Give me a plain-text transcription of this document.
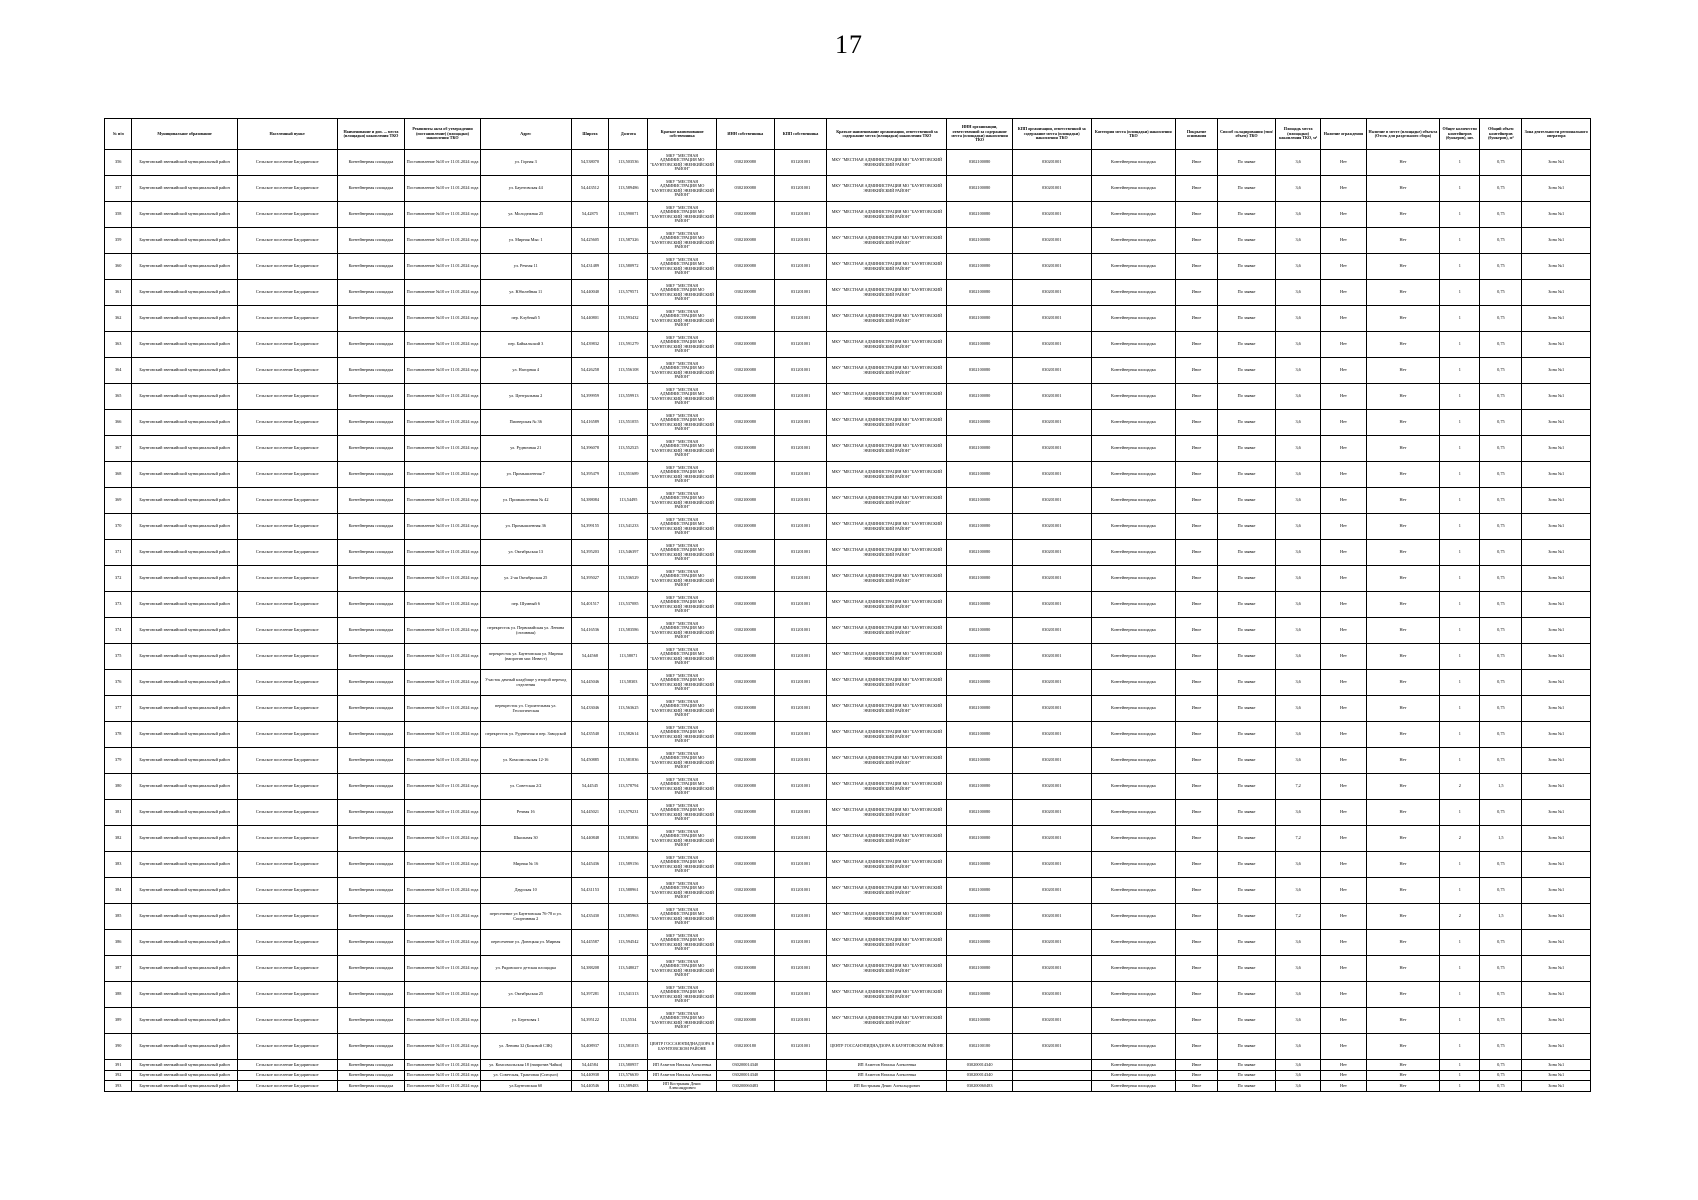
17
№ п/п	Муниципальное образование	Населенный пункт	Наименование и доп. ... места (площадки) накопления ТКО	Реквизиты акта об утверждении (постановление) (площадки) накопления ТКО	Адрес	Широта	Долгота	Краткое наименование собственника	ИНН собственника	КПП собственника	Краткое наименование организации, ответственной за содержание места (площадки) накопления ТКО	ИНН организации, ответственной за содержание места (площадки) накопления ТКО	КПП организации, ответственной за содержание места (площадки) накопления ТКО	Категория места (площадки) накопления ТКО	Покрытие основания	Способ складирования (тип/объем) ТКО	Площадь места (площадки) накопления ТКО, м²	Наличие ограждения	Наличие в месте (площадке) объекта (Отсек для раздельного сбора)	Общее количество контейнеров (бункеров), шт.	Общий объем контейнеров (бункеров), м³	Зона деятельности регионального оператора
356	Баунтовский эвенкийский муниципальный район	Сельское поселение Багдаринское	Контейнерная площадка	Постановление №10 от 11.01.2024 года	ул. Горная 3	54,538070	113,503536	МКУ "МЕСТНАЯ АДМИНИСТРАЦИЯ МО "БАУНТОВСКИЙ ЭВЕНКИЙСКИЙ РАЙОН"	0302100080	031201001	МКУ "МЕСТНАЯ АДМИНИСТРАЦИЯ МО "БАУНТОВСКИЙ ЭВЕНКИЙСКИЙ РАЙОН"	0302100080	030201001	Контейнерная площадка	Иное	По заявке	3,6	Нет	Нет	1	0,75	Зона №1
357	Баунтовский эвенкийский муниципальный район	Сельское поселение Багдаринское	Контейнерная площадка	Постановление №10 от 11.01.2024 года	ул. Баунтовская 44	54,443512	113,589486	МКУ "МЕСТНАЯ АДМИНИСТРАЦИЯ МО "БАУНТОВСКИЙ ЭВЕНКИЙСКИЙ РАЙОН"	0302100080	031201001	МКУ "МЕСТНАЯ АДМИНИСТРАЦИЯ МО "БАУНТОВСКИЙ ЭВЕНКИЙСКИЙ РАЙОН"	0302100080	030201001	Контейнерная площадка	Иное	По заявке	3,6	Нет	Нет	1	0,75	Зона №1
358	Баунтовский эвенкийский муниципальный район	Сельское поселение Багдаринское	Контейнерная площадка	Постановление №10 от 11.01.2024 года	ул. Молодежная 25	54,42875	113,590071	МКУ "МЕСТНАЯ АДМИНИСТРАЦИЯ МО "БАУНТОВСКИЙ ЭВЕНКИЙСКИЙ РАЙОН"	0302100080	031201001	МКУ "МЕСТНАЯ АДМИНИСТРАЦИЯ МО "БАУНТОВСКИЙ ЭВЕНКИЙСКИЙ РАЙОН"	0302100080	030201001	Контейнерная площадка	Иное	По заявке	3,6	Нет	Нет	1	0,75	Зона №1
359	Баунтовский эвенкийский муниципальный район	Сельское поселение Багдаринское	Контейнерная площадка	Постановление №10 от 11.01.2024 года	ул. Мирная Мыс 1	54,425605	113,587326	МКУ "МЕСТНАЯ АДМИНИСТРАЦИЯ МО "БАУНТОВСКИЙ ЭВЕНКИЙСКИЙ РАЙОН"	0302100080	031201001	МКУ "МЕСТНАЯ АДМИНИСТРАЦИЯ МО "БАУНТОВСКИЙ ЭВЕНКИЙСКИЙ РАЙОН"	0302100080	030201001	Контейнерная площадка	Иное	По заявке	3,6	Нет	Нет	1	0,75	Зона №1
360	Баунтовский эвенкийский муниципальный район	Сельское поселение Багдаринское	Контейнерная площадка	Постановление №10 от 11.01.2024 года	ул. Речная 11	54,431489	113,580972	МКУ "МЕСТНАЯ АДМИНИСТРАЦИЯ МО "БАУНТОВСКИЙ ЭВЕНКИЙСКИЙ РАЙОН"	0302100080	031201001	МКУ "МЕСТНАЯ АДМИНИСТРАЦИЯ МО "БАУНТОВСКИЙ ЭВЕНКИЙСКИЙ РАЙОН"	0302100080	030201001	Контейнерная площадка	Иное	По заявке	3,6	Нет	Нет	1	0,75	Зона №1
361	Баунтовский эвенкийский муниципальный район	Сельское поселение Багдаринское	Контейнерная площадка	Постановление №10 от 11.01.2024 года	ул. Юбилейная 11	54,440040	113,579571	МКУ "МЕСТНАЯ АДМИНИСТРАЦИЯ МО "БАУНТОВСКИЙ ЭВЕНКИЙСКИЙ РАЙОН"	0302100080	031201001	МКУ "МЕСТНАЯ АДМИНИСТРАЦИЯ МО "БАУНТОВСКИЙ ЭВЕНКИЙСКИЙ РАЙОН"	0302100080	030201001	Контейнерная площадка	Иное	По заявке	3,6	Нет	Нет	1	0,75	Зона №1
362	Баунтовский эвенкийский муниципальный район	Сельское поселение Багдаринское	Контейнерная площадка	Постановление №10 от 11.01.2024 года	пер. Клубный 5	54,440801	113,593432	МКУ "МЕСТНАЯ АДМИНИСТРАЦИЯ МО "БАУНТОВСКИЙ ЭВЕНКИЙСКИЙ РАЙОН"	0302100080	031201001	МКУ "МЕСТНАЯ АДМИНИСТРАЦИЯ МО "БАУНТОВСКИЙ ЭВЕНКИЙСКИЙ РАЙОН"	0302100080	030201001	Контейнерная площадка	Иное	По заявке	3,6	Нет	Нет	1	0,75	Зона №1
363	Баунтовский эвенкийский муниципальный район	Сельское поселение Багдаринское	Контейнерная площадка	Постановление №10 от 11.01.2024 года	пер. Байкальский 3	54,439832	113,591279	МКУ "МЕСТНАЯ АДМИНИСТРАЦИЯ МО "БАУНТОВСКИЙ ЭВЕНКИЙСКИЙ РАЙОН"	0302100080	031201001	МКУ "МЕСТНАЯ АДМИНИСТРАЦИЯ МО "БАУНТОВСКИЙ ЭВЕНКИЙСКИЙ РАЙОН"	0302100080	030201001	Контейнерная площадка	Иное	По заявке	3,6	Нет	Нет	1	0,75	Зона №1
364	Баунтовский эвенкийский муниципальный район	Сельское поселение Багдаринское	Контейнерная площадка	Постановление №10 от 11.01.2024 года	ул. Нагорная 4	54,426258	113,556108	МКУ "МЕСТНАЯ АДМИНИСТРАЦИЯ МО "БАУНТОВСКИЙ ЭВЕНКИЙСКИЙ РАЙОН"	0302100080	031201001	МКУ "МЕСТНАЯ АДМИНИСТРАЦИЯ МО "БАУНТОВСКИЙ ЭВЕНКИЙСКИЙ РАЙОН"	0302100080	030201001	Контейнерная площадка	Иное	По заявке	3,6	Нет	Нет	1	0,75	Зона №1
365	Баунтовский эвенкийский муниципальный район	Сельское поселение Багдаринское	Контейнерная площадка	Постановление №10 от 11.01.2024 года	ул. Центральная 2	54,399959	113,559913	МКУ "МЕСТНАЯ АДМИНИСТРАЦИЯ МО "БАУНТОВСКИЙ ЭВЕНКИЙСКИЙ РАЙОН"	0302100080	031201001	МКУ "МЕСТНАЯ АДМИНИСТРАЦИЯ МО "БАУНТОВСКИЙ ЭВЕНКИЙСКИЙ РАЙОН"	0302100080	030201001	Контейнерная площадка	Иное	По заявке	3,6	Нет	Нет	1	0,75	Зона №1
366	Баунтовский эвенкийский муниципальный район	Сельское поселение Багдаринское	Контейнерная площадка	Постановление №10 от 11.01.2024 года	Пионерская № 36	54,416589	113,551055	МКУ "МЕСТНАЯ АДМИНИСТРАЦИЯ МО "БАУНТОВСКИЙ ЭВЕНКИЙСКИЙ РАЙОН"	0302100080	031201001	МКУ "МЕСТНАЯ АДМИНИСТРАЦИЯ МО "БАУНТОВСКИЙ ЭВЕНКИЙСКИЙ РАЙОН"	0302100080	030201001	Контейнерная площадка	Иное	По заявке	3,6	Нет	Нет	1	0,75	Зона №1
367	Баунтовский эвенкийский муниципальный район	Сельское поселение Багдаринское	Контейнерная площадка	Постановление №10 от 11.01.2024 года	ул. Рудничная 21	54,396078	113,552525	МКУ "МЕСТНАЯ АДМИНИСТРАЦИЯ МО "БАУНТОВСКИЙ ЭВЕНКИЙСКИЙ РАЙОН"	0302100080	031201001	МКУ "МЕСТНАЯ АДМИНИСТРАЦИЯ МО "БАУНТОВСКИЙ ЭВЕНКИЙСКИЙ РАЙОН"	0302100080	030201001	Контейнерная площадка	Иное	По заявке	3,6	Нет	Нет	1	0,75	Зона №1
368	Баунтовский эвенкийский муниципальный район	Сельское поселение Багдаринское	Контейнерная площадка	Постановление №10 от 11.01.2024 года	ул. Промышленная 7	54,395479	113,551689	МКУ "МЕСТНАЯ АДМИНИСТРАЦИЯ МО "БАУНТОВСКИЙ ЭВЕНКИЙСКИЙ РАЙОН"	0302100080	031201001	МКУ "МЕСТНАЯ АДМИНИСТРАЦИЯ МО "БАУНТОВСКИЙ ЭВЕНКИЙСКИЙ РАЙОН"	0302100080	030201001	Контейнерная площадка	Иное	По заявке	3,6	Нет	Нет	1	0,75	Зона №1
369	Баунтовский эвенкийский муниципальный район	Сельское поселение Багдаринское	Контейнерная площадка	Постановление №10 от 11.01.2024 года	ул. Промышленная № 42	54,388084	113,54495	МКУ "МЕСТНАЯ АДМИНИСТРАЦИЯ МО "БАУНТОВСКИЙ ЭВЕНКИЙСКИЙ РАЙОН"	0302100080	031201001	МКУ "МЕСТНАЯ АДМИНИСТРАЦИЯ МО "БАУНТОВСКИЙ ЭВЕНКИЙСКИЙ РАЙОН"	0302100080	030201001	Контейнерная площадка	Иное	По заявке	3,6	Нет	Нет	1	0,75	Зона №1
370	Баунтовский эвенкийский муниципальный район	Сельское поселение Багдаринское	Контейнерная площадка	Постановление №10 от 11.01.2024 года	ул. Промышленная 36	54,399155	113,541233	МКУ "МЕСТНАЯ АДМИНИСТРАЦИЯ МО "БАУНТОВСКИЙ ЭВЕНКИЙСКИЙ РАЙОН"	0302100080	031201001	МКУ "МЕСТНАЯ АДМИНИСТРАЦИЯ МО "БАУНТОВСКИЙ ЭВЕНКИЙСКИЙ РАЙОН"	0302100080	030201001	Контейнерная площадка	Иное	По заявке	3,6	Нет	Нет	1	0,75	Зона №1
371	Баунтовский эвенкийский муниципальный район	Сельское поселение Багдаринское	Контейнерная площадка	Постановление №10 от 11.01.2024 года	ул. Октябрьская 13	54,395203	113,546397	МКУ "МЕСТНАЯ АДМИНИСТРАЦИЯ МО "БАУНТОВСКИЙ ЭВЕНКИЙСКИЙ РАЙОН"	0302100080	031201001	МКУ "МЕСТНАЯ АДМИНИСТРАЦИЯ МО "БАУНТОВСКИЙ ЭВЕНКИЙСКИЙ РАЙОН"	0302100080	030201001	Контейнерная площадка	Иное	По заявке	3,6	Нет	Нет	1	0,75	Зона №1
372	Баунтовский эвенкийский муниципальный район	Сельское поселение Багдаринское	Контейнерная площадка	Постановление №10 от 11.01.2024 года	ул. 2-ая Октябрьская 25	54,395027	113,536529	МКУ "МЕСТНАЯ АДМИНИСТРАЦИЯ МО "БАУНТОВСКИЙ ЭВЕНКИЙСКИЙ РАЙОН"	0302100080	031201001	МКУ "МЕСТНАЯ АДМИНИСТРАЦИЯ МО "БАУНТОВСКИЙ ЭВЕНКИЙСКИЙ РАЙОН"	0302100080	030201001	Контейнерная площадка	Иное	По заявке	3,6	Нет	Нет	1	0,75	Зона №1
373	Баунтовский эвенкийский муниципальный район	Сельское поселение Багдаринское	Контейнерная площадка	Постановление №10 от 11.01.2024 года	пер. Шумный 6	54,401517	113,537085	МКУ "МЕСТНАЯ АДМИНИСТРАЦИЯ МО "БАУНТОВСКИЙ ЭВЕНКИЙСКИЙ РАЙОН"	0302100080	031201001	МКУ "МЕСТНАЯ АДМИНИСТРАЦИЯ МО "БАУНТОВСКИЙ ЭВЕНКИЙСКИЙ РАЙОН"	0302100080	030201001	Контейнерная площадка	Иное	По заявке	3,6	Нет	Нет	1	0,75	Зона №1
374	Баунтовский эвенкийский муниципальный район	Сельское поселение Багдаринское	Контейнерная площадка	Постановление №10 от 11.01.2024 года	перекресток ул. Первомайская ул. Ленина (отливная)	54,416536	113,583586	МКУ "МЕСТНАЯ АДМИНИСТРАЦИЯ МО "БАУНТОВСКИЙ ЭВЕНКИЙСКИЙ РАЙОН"	0302100080	031201001	МКУ "МЕСТНАЯ АДМИНИСТРАЦИЯ МО "БАУНТОВСКИЙ ЭВЕНКИЙСКИЙ РАЙОН"	0302100080	030201001	Контейнерная площадка	Иное	По заявке	3,6	Нет	Нет	1	0,75	Зона №1
375	Баунтовский эвенкийский муниципальный район	Сельское поселение Багдаринское	Контейнерная площадка	Постановление №10 от 11.01.2024 года	перекресток ул. Баунтовская ул. Мирная (напротив маг. Инвест)	54,44568	113,58071	МКУ "МЕСТНАЯ АДМИНИСТРАЦИЯ МО "БАУНТОВСКИЙ ЭВЕНКИЙСКИЙ РАЙОН"	0302100080	031201001	МКУ "МЕСТНАЯ АДМИНИСТРАЦИЯ МО "БАУНТОВСКИЙ ЭВЕНКИЙСКИЙ РАЙОН"	0302100080	030201001	Контейнерная площадка	Иное	По заявке	3,6	Нет	Нет	1	0,75	Зона №1
376	Баунтовский эвенкийский муниципальный район	Сельское поселение Багдаринское	Контейнерная площадка	Постановление №10 от 11.01.2024 года	Участок дачный кладбище у второй переход отделения	54,445046	113,58303	МКУ "МЕСТНАЯ АДМИНИСТРАЦИЯ МО "БАУНТОВСКИЙ ЭВЕНКИЙСКИЙ РАЙОН"	0302100080	031201001	МКУ "МЕСТНАЯ АДМИНИСТРАЦИЯ МО "БАУНТОВСКИЙ ЭВЕНКИЙСКИЙ РАЙОН"	0302100080	030201001	Контейнерная площадка	Иное	По заявке	3,6	Нет	Нет	1	0,75	Зона №1
377	Баунтовский эвенкийский муниципальный район	Сельское поселение Багдаринское	Контейнерная площадка	Постановление №10 от 11.01.2024 года	перекресток ул. Строительная ул. Геологическая	54,433046	113,563625	МКУ "МЕСТНАЯ АДМИНИСТРАЦИЯ МО "БАУНТОВСКИЙ ЭВЕНКИЙСКИЙ РАЙОН"	0302100080	031201001	МКУ "МЕСТНАЯ АДМИНИСТРАЦИЯ МО "БАУНТОВСКИЙ ЭВЕНКИЙСКИЙ РАЙОН"	0302100080	030201001	Контейнерная площадка	Иное	По заявке	3,6	Нет	Нет	1	0,75	Зона №1
378	Баунтовский эвенкийский муниципальный район	Сельское поселение Багдаринское	Контейнерная площадка	Постановление №10 от 11.01.2024 года	перекресток ул. Рудничная и пер. Заводской	54,435540	113,582614	МКУ "МЕСТНАЯ АДМИНИСТРАЦИЯ МО "БАУНТОВСКИЙ ЭВЕНКИЙСКИЙ РАЙОН"	0302100080	031201001	МКУ "МЕСТНАЯ АДМИНИСТРАЦИЯ МО "БАУНТОВСКИЙ ЭВЕНКИЙСКИЙ РАЙОН"	0302100080	030201001	Контейнерная площадка	Иное	По заявке	3,6	Нет	Нет	1	0,75	Зона №1
379	Баунтовский эвенкийский муниципальный район	Сельское поселение Багдаринское	Контейнерная площадка	Постановление №10 от 11.01.2024 года	ул. Комсомольская 12-16	54,450885	113,581836	МКУ "МЕСТНАЯ АДМИНИСТРАЦИЯ МО "БАУНТОВСКИЙ ЭВЕНКИЙСКИЙ РАЙОН"	0302100080	031201001	МКУ "МЕСТНАЯ АДМИНИСТРАЦИЯ МО "БАУНТОВСКИЙ ЭВЕНКИЙСКИЙ РАЙОН"	0302100080	030201001	Контейнерная площадка	Иное	По заявке	3,6	Нет	Нет	1	0,75	Зона №1
380	Баунтовский эвенкийский муниципальный район	Сельское поселение Багдаринское	Контейнерная площадка	Постановление №10 от 11.01.2024 года	ул. Советская 2/2	54,44545	113,578794	МКУ "МЕСТНАЯ АДМИНИСТРАЦИЯ МО "БАУНТОВСКИЙ ЭВЕНКИЙСКИЙ РАЙОН"	0302100080	031201001	МКУ "МЕСТНАЯ АДМИНИСТРАЦИЯ МО "БАУНТОВСКИЙ ЭВЕНКИЙСКИЙ РАЙОН"	0302100080	030201001	Контейнерная площадка	Иное	По заявке	7,2	Нет	Нет	2	1,5	Зона №1
381	Баунтовский эвенкийский муниципальный район	Сельское поселение Багдаринское	Контейнерная площадка	Постановление №10 от 11.01.2024 года	Речная 16	54,445021	113,579231	МКУ "МЕСТНАЯ АДМИНИСТРАЦИЯ МО "БАУНТОВСКИЙ ЭВЕНКИЙСКИЙ РАЙОН"	0302100080	031201001	МКУ "МЕСТНАЯ АДМИНИСТРАЦИЯ МО "БАУНТОВСКИЙ ЭВЕНКИЙСКИЙ РАЙОН"	0302100080	030201001	Контейнерная площадка	Иное	По заявке	3,6	Нет	Нет	1	0,75	Зона №1
382	Баунтовский эвенкийский муниципальный район	Сельское поселение Багдаринское	Контейнерная площадка	Постановление №10 от 11.01.2024 года	Школьная 30	54,440848	113,583836	МКУ "МЕСТНАЯ АДМИНИСТРАЦИЯ МО "БАУНТОВСКИЙ ЭВЕНКИЙСКИЙ РАЙОН"	0302100080	031201001	МКУ "МЕСТНАЯ АДМИНИСТРАЦИЯ МО "БАУНТОВСКИЙ ЭВЕНКИЙСКИЙ РАЙОН"	0302100080	030201001	Контейнерная площадка	Иное	По заявке	7,2	Нет	Нет	2	1,5	Зона №1
383	Баунтовский эвенкийский муниципальный район	Сельское поселение Багдаринское	Контейнерная площадка	Постановление №10 от 11.01.2024 года	Мирная № 16	54,445436	113,589156	МКУ "МЕСТНАЯ АДМИНИСТРАЦИЯ МО "БАУНТОВСКИЙ ЭВЕНКИЙСКИЙ РАЙОН"	0302100080	031201001	МКУ "МЕСТНАЯ АДМИНИСТРАЦИЯ МО "БАУНТОВСКИЙ ЭВЕНКИЙСКИЙ РАЙОН"	0302100080	030201001	Контейнерная площадка	Иное	По заявке	3,6	Нет	Нет	1	0,75	Зона №1
384	Баунтовский эвенкийский муниципальный район	Сельское поселение Багдаринское	Контейнерная площадка	Постановление №10 от 11.01.2024 года	Даурская 10	54,431153	113,588961	МКУ "МЕСТНАЯ АДМИНИСТРАЦИЯ МО "БАУНТОВСКИЙ ЭВЕНКИЙСКИЙ РАЙОН"	0302100080	031201001	МКУ "МЕСТНАЯ АДМИНИСТРАЦИЯ МО "БАУНТОВСКИЙ ЭВЕНКИЙСКИЙ РАЙОН"	0302100080	030201001	Контейнерная площадка	Иное	По заявке	3,6	Нет	Нет	1	0,75	Зона №1
385	Баунтовский эвенкийский муниципальный район	Сельское поселение Багдаринское	Контейнерная площадка	Постановление №10 от 11.01.2024 года	пересечение ул Баунтовская 76-78 и ул. Спортивная 2	54,435430	113,585963	МКУ "МЕСТНАЯ АДМИНИСТРАЦИЯ МО "БАУНТОВСКИЙ ЭВЕНКИЙСКИЙ РАЙОН"	0302100080	031201001	МКУ "МЕСТНАЯ АДМИНИСТРАЦИЯ МО "БАУНТОВСКИЙ ЭВЕНКИЙСКИЙ РАЙОН"	0302100080	030201001	Контейнерная площадка	Иное	По заявке	7,2	Нет	Нет	2	1,5	Зона №1
386	Баунтовский эвенкийский муниципальный район	Сельское поселение Багдаринское	Контейнерная площадка	Постановление №10 от 11.01.2024 года	пересечение ул. Донецкая ул. Мирная	54,445587	113,594542	МКУ "МЕСТНАЯ АДМИНИСТРАЦИЯ МО "БАУНТОВСКИЙ ЭВЕНКИЙСКИЙ РАЙОН"	0302100080	031201001	МКУ "МЕСТНАЯ АДМИНИСТРАЦИЯ МО "БАУНТОВСКИЙ ЭВЕНКИЙСКИЙ РАЙОН"	0302100080	030201001	Контейнерная площадка	Иное	По заявке	3,6	Нет	Нет	1	0,75	Зона №1
387	Баунтовский эвенкийский муниципальный район	Сельское поселение Багдаринское	Контейнерная площадка	Постановление №10 от 11.01.2024 года	ул. Рядовского детская площадка	54,388208	113,548027	МКУ "МЕСТНАЯ АДМИНИСТРАЦИЯ МО "БАУНТОВСКИЙ ЭВЕНКИЙСКИЙ РАЙОН"	0302100080	031201001	МКУ "МЕСТНАЯ АДМИНИСТРАЦИЯ МО "БАУНТОВСКИЙ ЭВЕНКИЙСКИЙ РАЙОН"	0302100080	030201001	Контейнерная площадка	Иное	По заявке	3,6	Нет	Нет	1	0,75	Зона №1
388	Баунтовский эвенкийский муниципальный район	Сельское поселение Багдаринское	Контейнерная площадка	Постановление №10 от 11.01.2024 года	ул. Октябрьская 25	54,397281	113,541313	МКУ "МЕСТНАЯ АДМИНИСТРАЦИЯ МО "БАУНТОВСКИЙ ЭВЕНКИЙСКИЙ РАЙОН"	0302100080	031201001	МКУ "МЕСТНАЯ АДМИНИСТРАЦИЯ МО "БАУНТОВСКИЙ ЭВЕНКИЙСКИЙ РАЙОН"	0302100080	030201001	Контейнерная площадка	Иное	По заявке	3,6	Нет	Нет	1	0,75	Зона №1
389	Баунтовский эвенкийский муниципальный район	Сельское поселение Багдаринское	Контейнерная площадка	Постановление №10 от 11.01.2024 года	ул. Березовая 1	54,395122	113,5534	МКУ "МЕСТНАЯ АДМИНИСТРАЦИЯ МО "БАУНТОВСКИЙ ЭВЕНКИЙСКИЙ РАЙОН"	0302100080	031201001	МКУ "МЕСТНАЯ АДМИНИСТРАЦИЯ МО "БАУНТОВСКИЙ ЭВЕНКИЙСКИЙ РАЙОН"	0302100080	030201001	Контейнерная площадка	Иное	По заявке	3,6	Нет	Нет	1	0,75	Зона №1
390	Баунтовский эвенкийский муниципальный район	Сельское поселение Багдаринское	Контейнерная площадка	Постановление №10 от 11.01.2024 года	ул. Ленина 32 (Боковой СЗК)	54,408937	113,581015	ЦЕНТР ГОССАНЭПИДНАДЗОРА В БАУНТОВСКОМ РАЙОНЕ	0302100180	031201001	ЦЕНТР ГОССАНЭПИДНАДЗОРА В БАУНТОВСКОМ РАЙОНЕ	0302100180	030201001	Контейнерная площадка	Иное	По заявке	3,6	Нет	Нет	1	0,75	Зона №1
391	Баунтовский эвенкийский муниципальный район	Сельское поселение Багдаринское	Контейнерная площадка	Постановление №10 от 11.01.2024 года	ул. Комсомольская 18 (напротив Чайки)	54,44584	113,580957	ИП Ахметов Наталья Алексеевна	030200014340		ИП Ахметов Наталья Алексеевна	030200014340		Контейнерная площадка	Иное	По заявке	3,6	Нет	Нет	1	0,75	Зона №1
392	Баунтовский эвенкийский муниципальный район	Сельское поселение Багдаринское	Контейнерная площадка	Постановление №10 от 11.01.2024 года	ул. Советская, Трактовая (Спецхоз)	54,440938	113,576639	ИП Ахметов Наталья Алексеевна	030200014340		ИП Ахметов Наталья Алексеевна	030200014340		Контейнерная площадка	Иное	По заявке	3,6	Нет	Нет	1	0,75	Зона №1
393	Баунтовский эвенкийский муниципальный район	Сельское поселение Багдаринское	Контейнерная площадка	Постановление №10 от 11.01.2024 года	ул.Баунтовская 60	54,440546	113,589483	ИП Кострыкин Денис Александрович	030200060483		ИП Кострыкин Денис Александрович	030200060483		Контейнерная площадка	Иное	По заявке	3,6	Нет	Нет	1	0,75	Зона №1
